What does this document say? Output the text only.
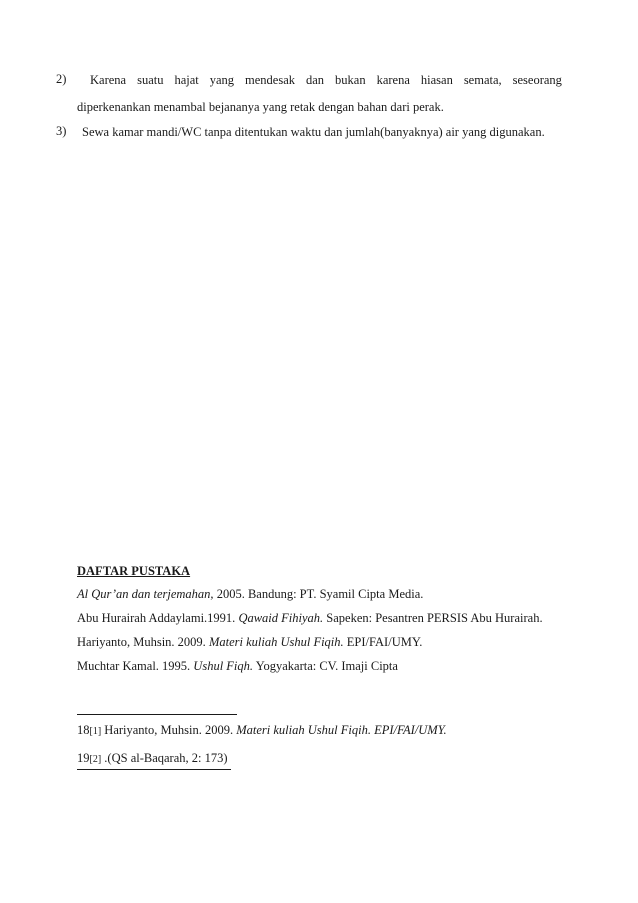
2) Karena suatu hajat yang mendesak dan bukan karena hiasan semata, seseorang
diperkenankan menambal bejananya yang retak dengan bahan dari perak.
3) Sewa kamar mandi/WC tanpa ditentukan waktu dan jumlah(banyaknya) air yang digunakan.
DAFTAR PUSTAKA
Al Qur’an dan terjemahan, 2005. Bandung: PT. Syamil Cipta Media.
Abu Hurairah Addaylami.1991. Qawaid Fihiyah. Sapeken: Pesantren PERSIS Abu Hurairah.
Hariyanto, Muhsin. 2009. Materi kuliah Ushul Fiqih. EPI/FAI/UMY.
Muchtar Kamal. 1995. Ushul Fiqh. Yogyakarta: CV. Imaji Cipta
18[1] Hariyanto, Muhsin. 2009. Materi kuliah Ushul Fiqih. EPI/FAI/UMY.
19[2] .(QS al-Baqarah, 2: 173)
